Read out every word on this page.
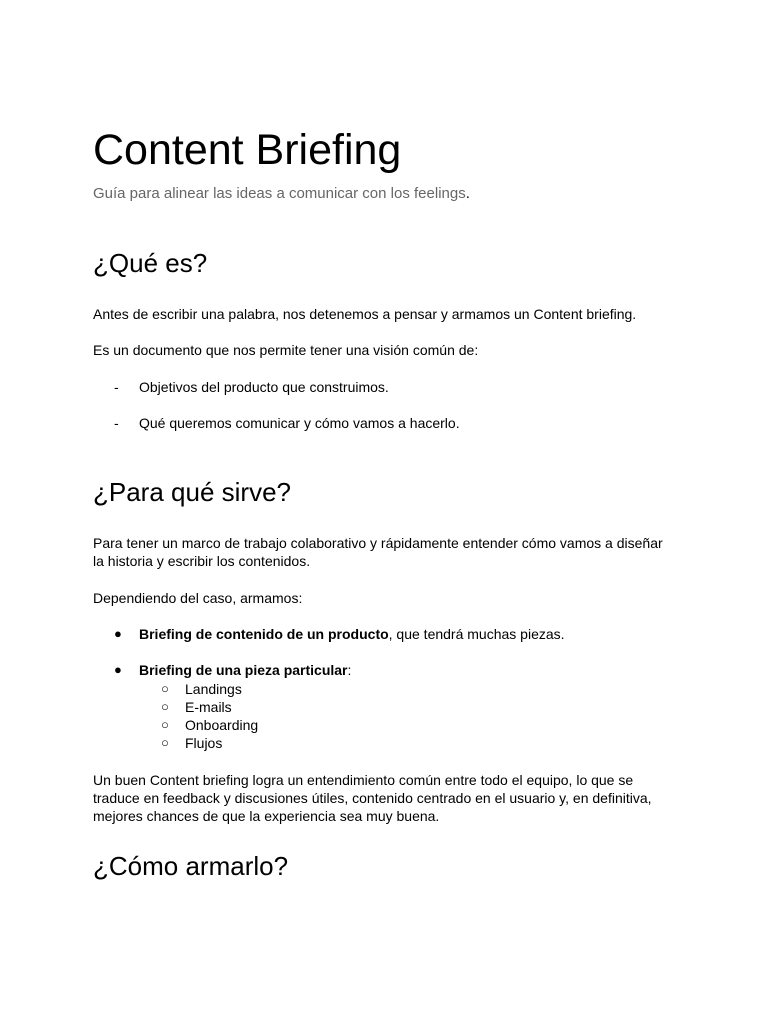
Content Briefing
Guía para alinear las ideas a comunicar con los feelings.
¿Qué es?

Antes de escribir una palabra, nos detenemos a pensar y armamos un Content briefing.

Es un documento que nos permite tener una visión común de:

- Objetivos del producto que construimos.
- Qué queremos comunicar y cómo vamos a hacerlo.
¿Para qué sirve?

Para tener un marco de trabajo colaborativo y rápidamente entender cómo vamos a diseñar
la historia y escribir los contenidos.

Dependiendo del caso, armamos:

● Briefing de contenido de un producto, que tendrá muchas piezas.
● Briefing de una pieza particular:
○ Landings
○ E-mails
○ Onboarding
○ Flujos

Un buen Content briefing logra un entendimiento común entre todo el equipo, lo que se
traduce en feedback y discusiones útiles, contenido centrado en el usuario y, en definitiva,
mejores chances de que la experiencia sea muy buena.

¿Cómo armarlo?
